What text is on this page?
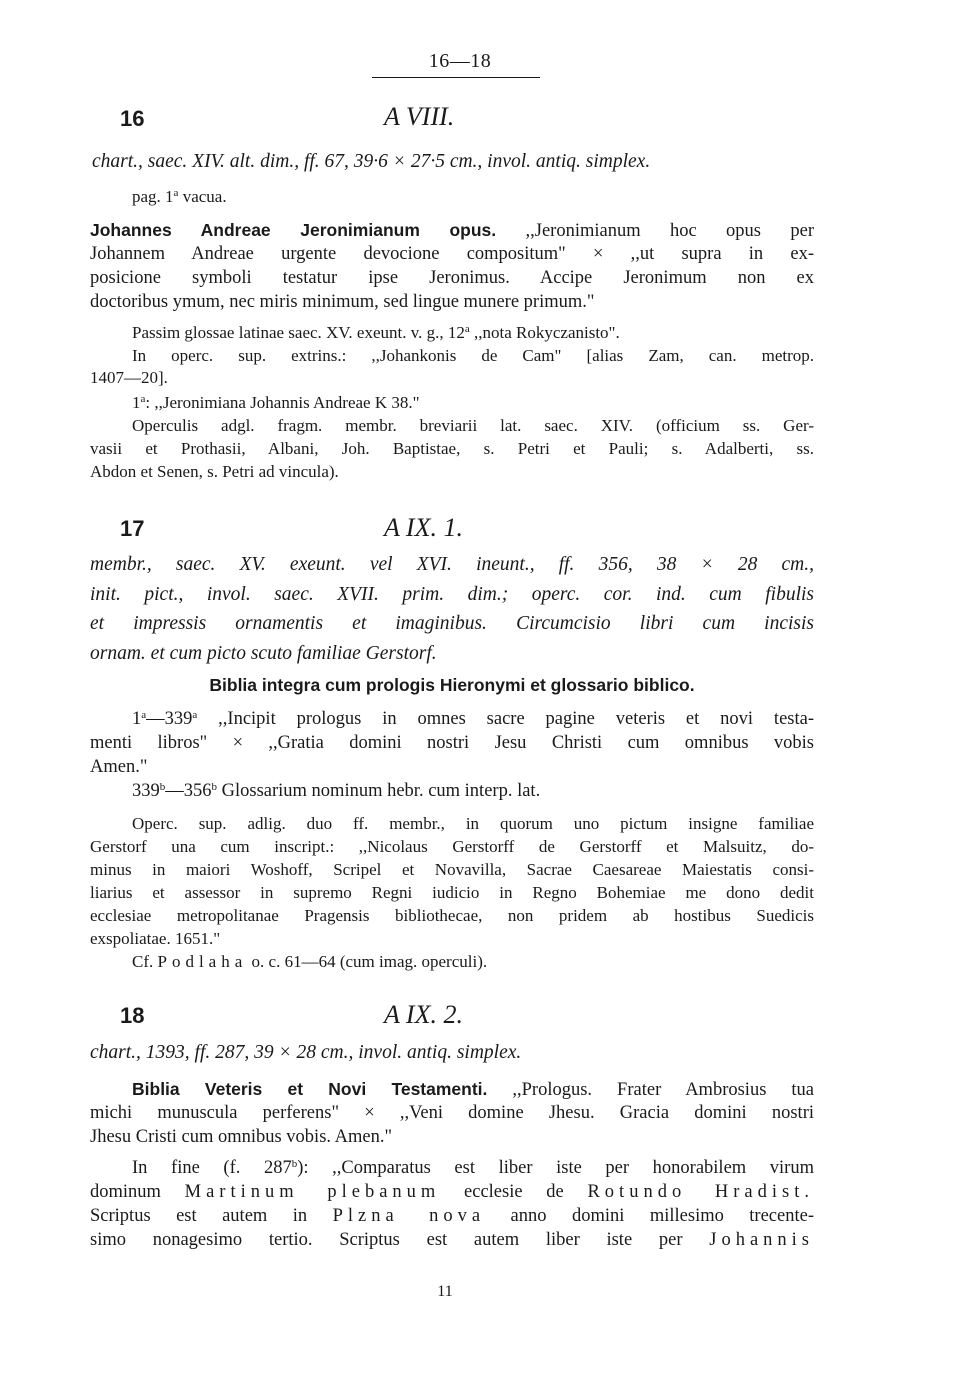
16—18
16	A VIII.
chart., saec. XIV. alt. dim., ff. 67, 39·6 × 27·5 cm., invol. antiq. simplex.
pag. 1$^a$ vacua.
Johannes Andreae Jeronimianum opus. ,,Jeronimianum hoc opus per
Johannem Andreae urgente devocione compositum" × ,,ut supra in ex-
posicione symboli testatur ipse Jeronimus. Accipe Jeronimum non ex
doctoribus ymum, nec miris minimum, sed lingue munere primum."
Passim glossae latinae saec. XV. exeunt. v. g., 12$^a$ ,,nota Rokyczanisto".
In operc. sup. extrins.: ,,Johankonis de Cam" [alias Zam, can. metrop.
1407—20].
1$^a$: ,,Jeronimiana Johannis Andreae K 38."
Operculis adgl. fragm. membr. breviarii lat. saec. XIV. (officium ss. Ger-
vasii et Prothasii, Albani, Joh. Baptistae, s. Petri et Pauli; s. Adalberti, ss.
Abdon et Senen, s. Petri ad vincula).
17	A IX. 1.
membr., saec. XV. exeunt. vel XVI. ineunt., ff. 356, 38 × 28 cm.,
init. pict., invol. saec. XVII. prim. dim.; operc. cor. ind. cum fibulis
et impressis ornamentis et imaginibus. Circumcisio libri cum incisis
ornam. et cum picto scuto familiae Gerstorf.
Biblia integra cum prologis Hieronymi et glossario biblico.
1$^a$—339$^a$ ,,Incipit prologus in omnes sacre pagine veteris et novi testa-
menti libros" × ,,Gratia domini nostri Jesu Christi cum omnibus vobis
Amen."
339$^b$—356$^b$ Glossarium nominum hebr. cum interp. lat.
Operc. sup. adlig. duo ff. membr., in quorum uno pictum insigne familiae
Gerstorf una cum inscript.: ,,Nicolaus Gerstorff de Gerstorff et Malsuitz, do-
minus in maiori Woshoff, Scripel et Novavilla, Sacrae Caesareae Maiestatis consi-
liarius et assessor in supremo Regni iudicio in Regno Bohemiae me dono dedit
ecclesiae metropolitanae Pragensis bibliothecae, non pridem ab hostibus Suedicis
exspoliatae. 1651."
Cf. Podlaha o. c. 61—64 (cum imag. operculi).
18	A IX. 2.
chart., 1393, ff. 287, 39 × 28 cm., invol. antiq. simplex.
Biblia Veteris et Novi Testamenti. ,,Prologus. Frater Ambrosius tua
michi munuscula perferens" × ,,Veni domine Jhesu. Gracia domini nostri
Jhesu Cristi cum omnibus vobis. Amen."
In fine (f. 287$^b$): ,,Comparatus est liber iste per honorabilem virum
dominum Martinum plebanum ecclesie de Rotundo Hradist.
Scriptus est autem in Plzna nova anno domini millesimo trecente-
simo nonagesimo tertio. Scriptus est autem liber iste per Johannis
11
